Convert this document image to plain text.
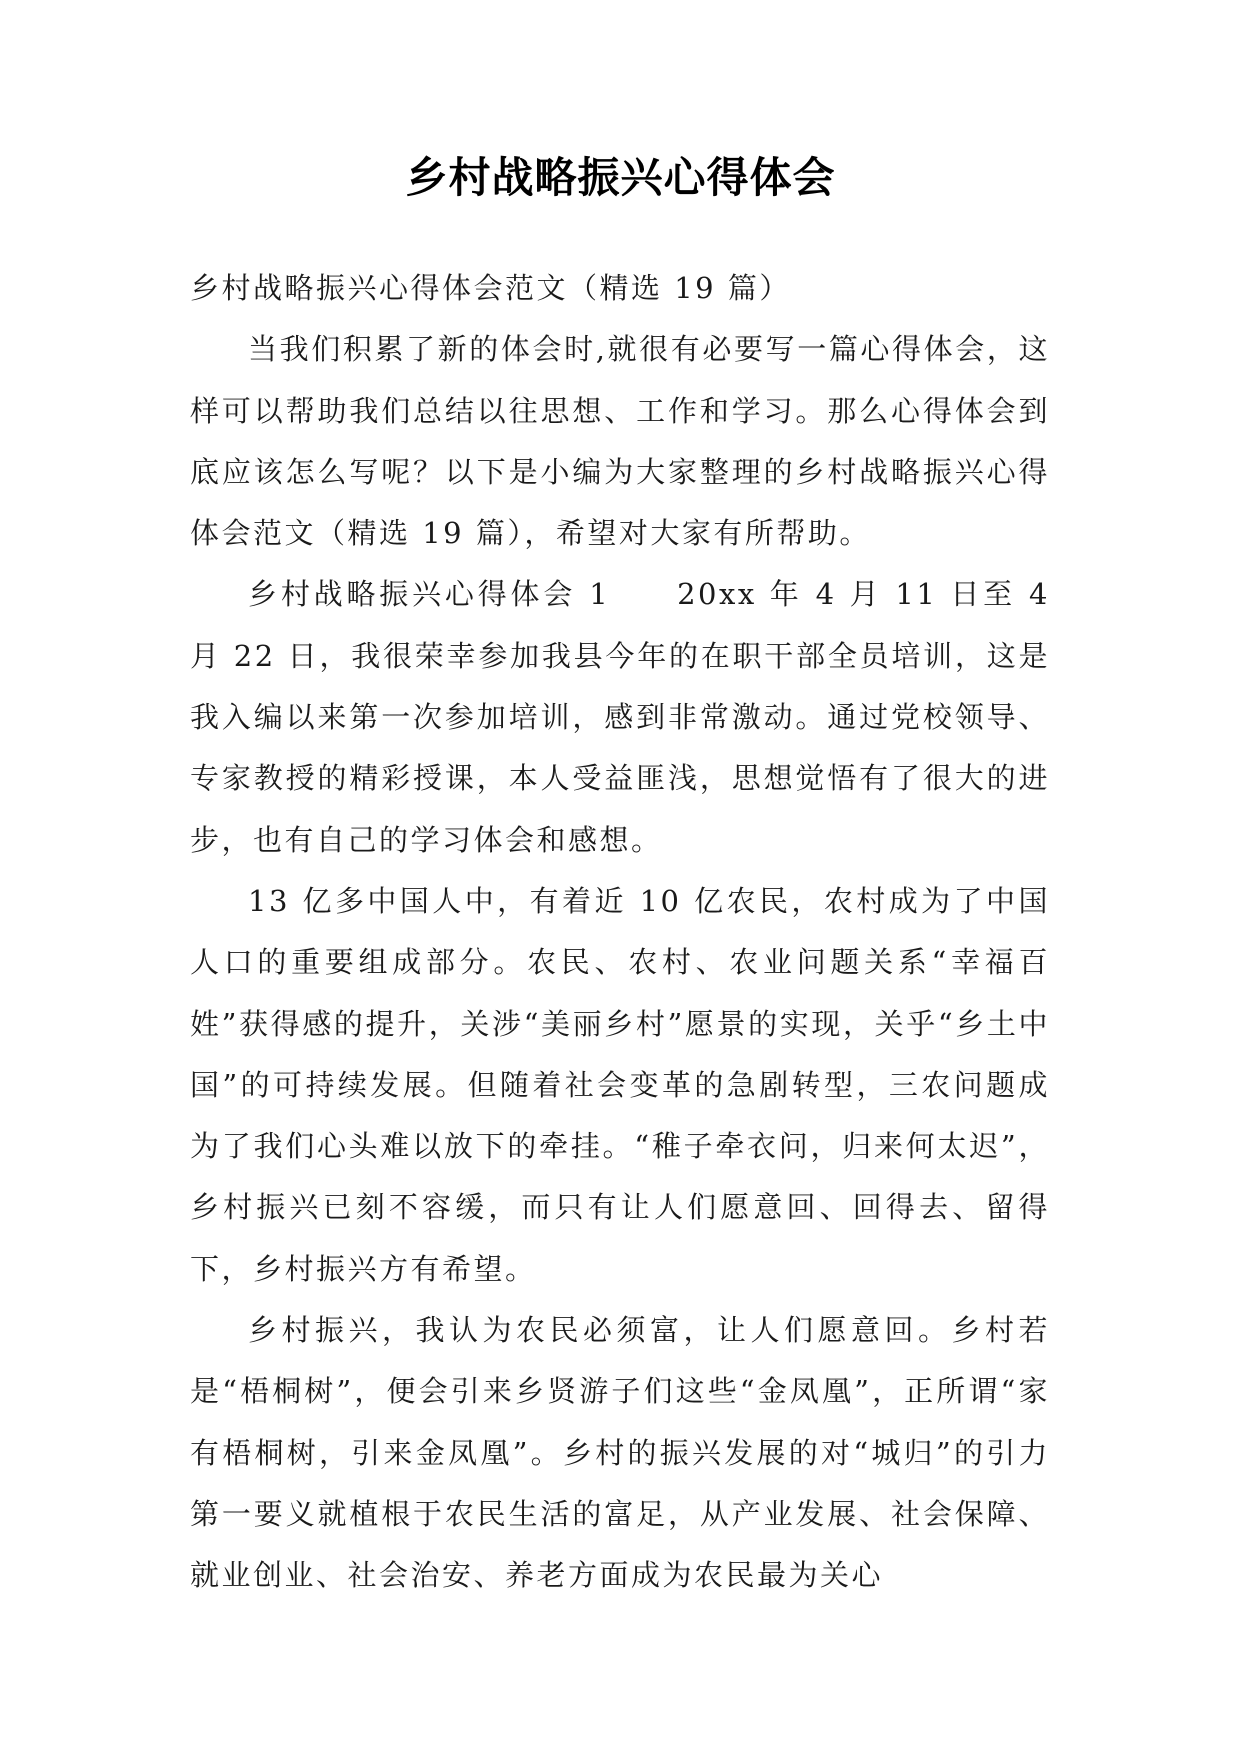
乡村战略振兴心得体会

乡村战略振兴心得体会范文（精选 19 篇）

当我们积累了新的体会时,就很有必要写一篇心得体会，这样可以帮助我们总结以往思想、工作和学习。那么心得体会到底应该怎么写呢？以下是小编为大家整理的乡村战略振兴心得体会范文（精选 19 篇），希望对大家有所帮助。

乡村战略振兴心得体会 1　　20xx 年 4 月 11 日至 4 月 22 日，我很荣幸参加我县今年的在职干部全员培训，这是我入编以来第一次参加培训，感到非常激动。通过党校领导、专家教授的精彩授课，本人受益匪浅，思想觉悟有了很大的进步，也有自己的学习体会和感想。

13 亿多中国人中，有着近 10 亿农民，农村成为了中国人口的重要组成部分。农民、农村、农业问题关系“幸福百姓”获得感的提升，关涉“美丽乡村”愿景的实现，关乎“乡土中国”的可持续发展。但随着社会变革的急剧转型，三农问题成为了我们心头难以放下的牵挂。“稚子牵衣问，归来何太迟”，乡村振兴已刻不容缓，而只有让人们愿意回、回得去、留得下，乡村振兴方有希望。

乡村振兴，我认为农民必须富，让人们愿意回。乡村若是“梧桐树”，便会引来乡贤游子们这些“金凤凰”，正所谓“家有梧桐树，引来金凤凰”。乡村的振兴发展的对“城归”的引力第一要义就植根于农民生活的富足，从产业发展、社会保障、就业创业、社会治安、养老方面成为农民最为关心
